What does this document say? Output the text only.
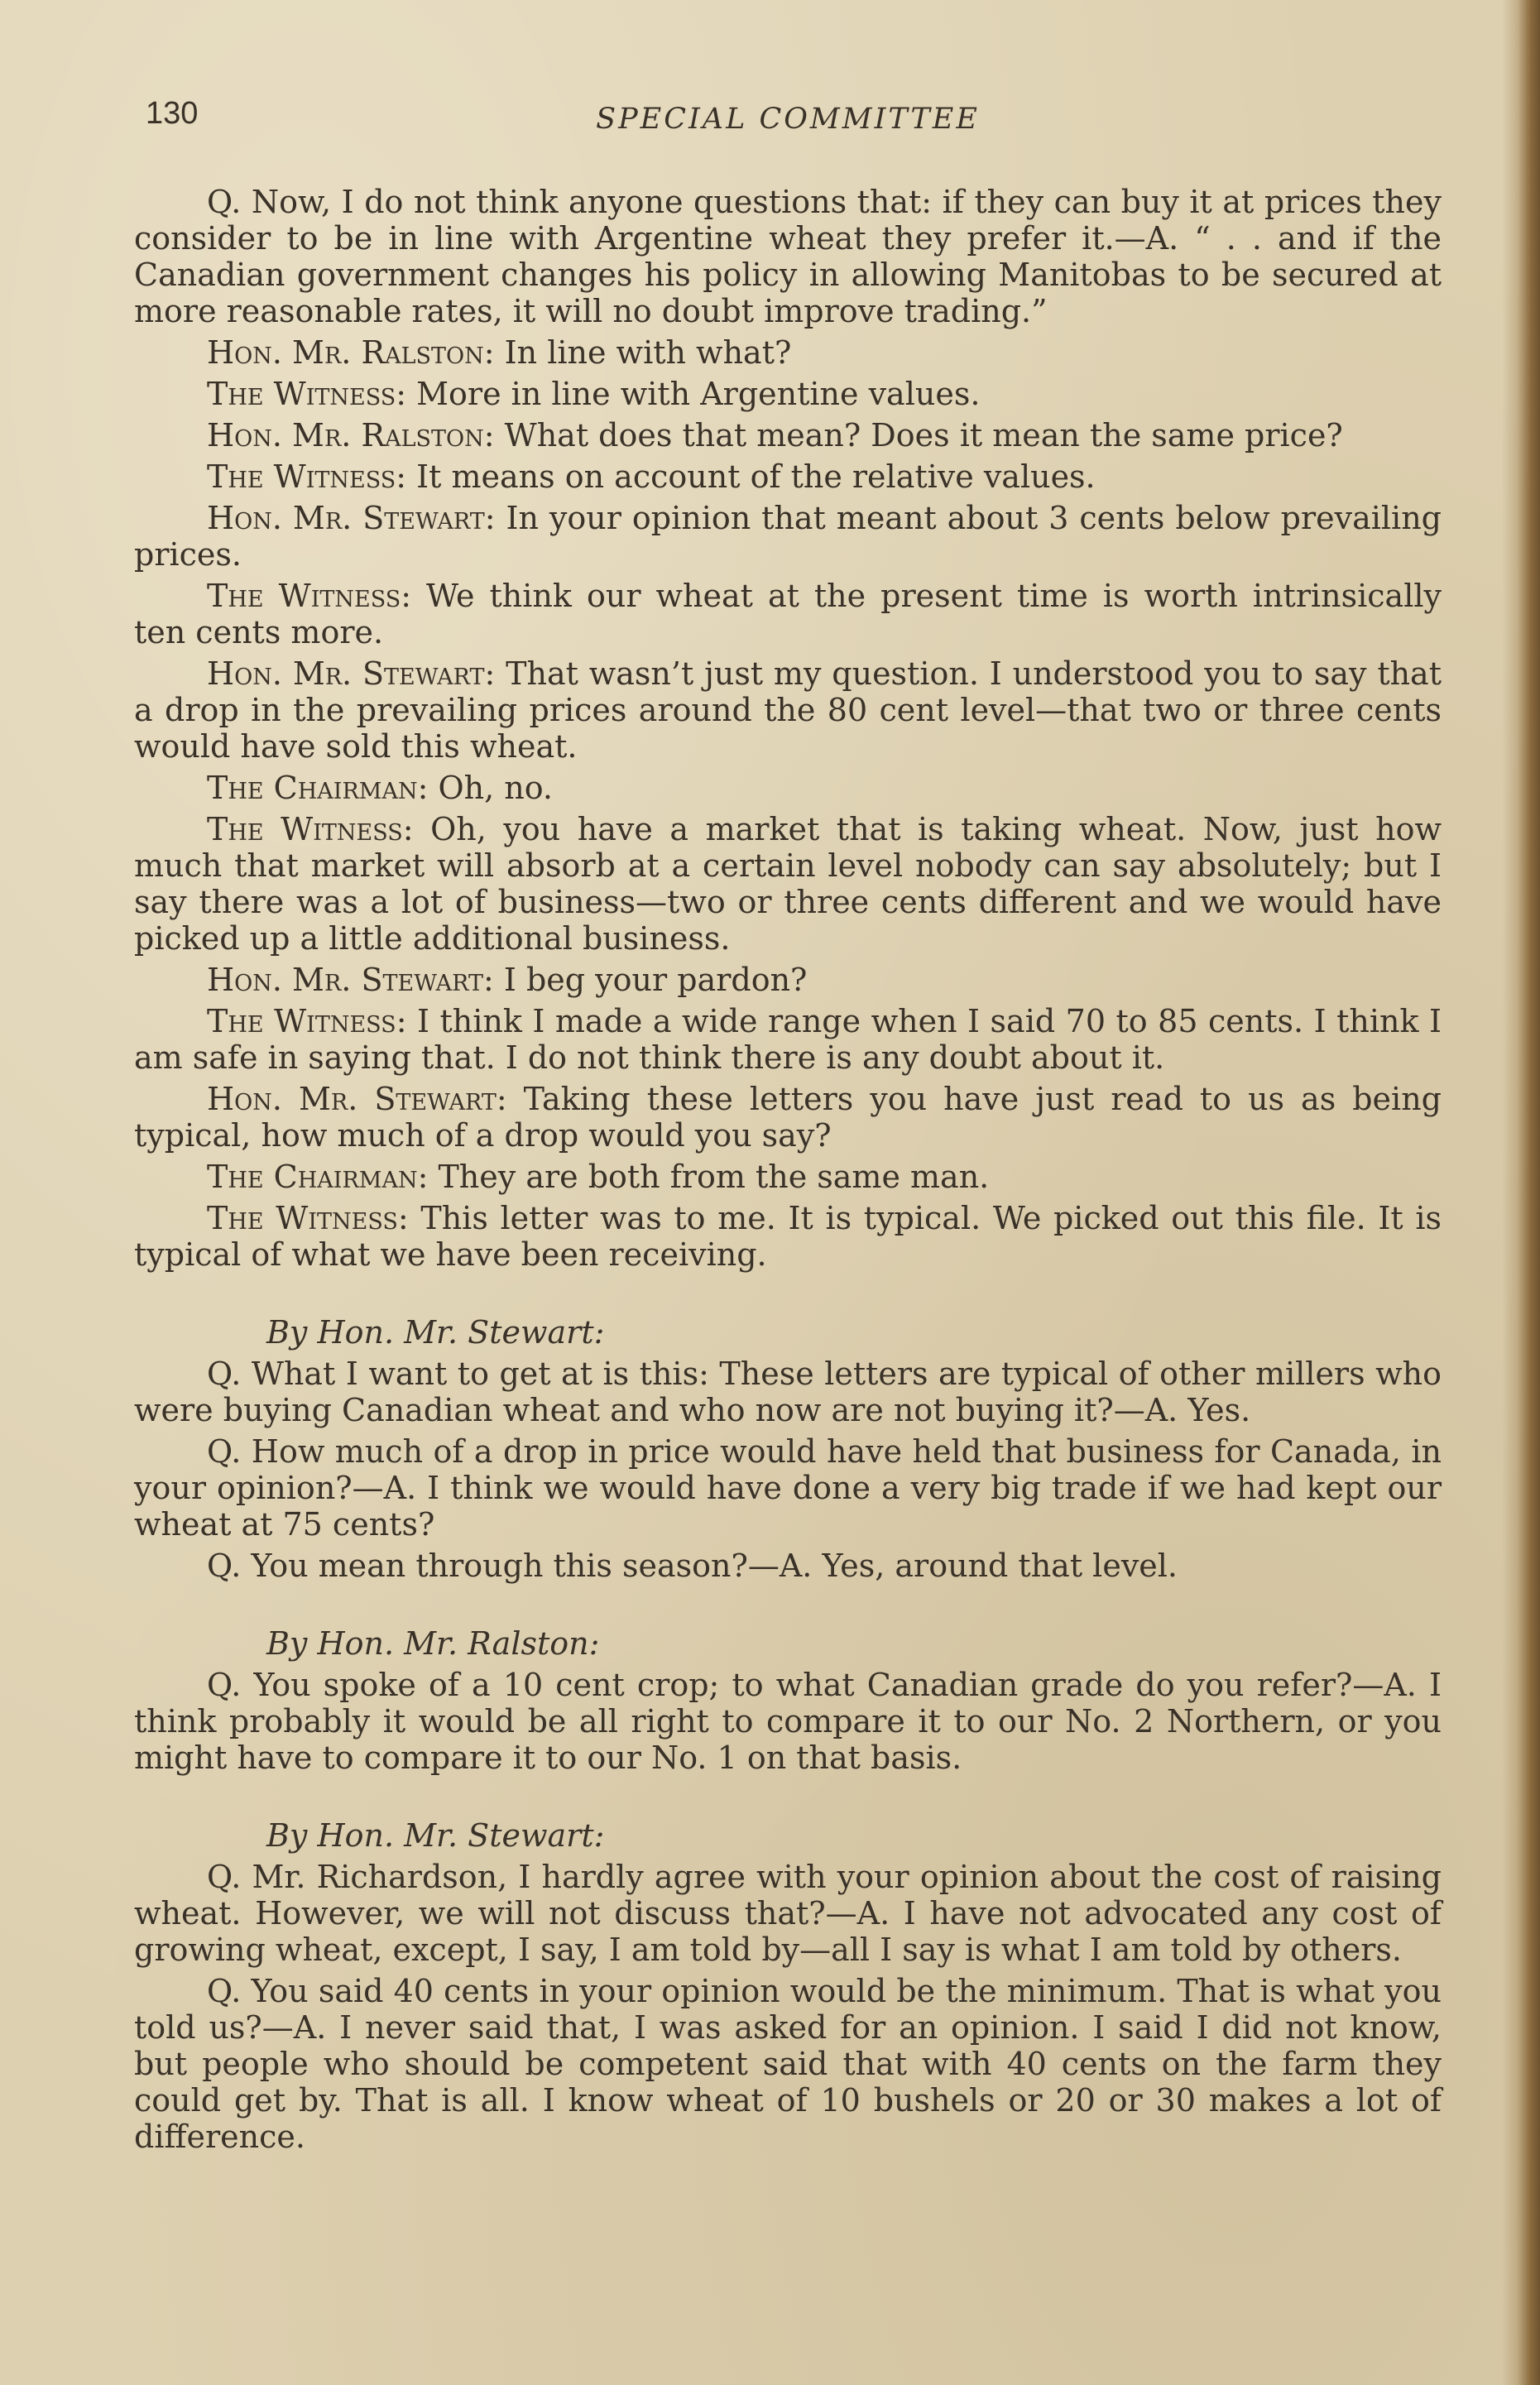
130	SPECIAL COMMITTEE

Q. Now, I do not think anyone questions that: if they can buy it at prices they consider to be in line with Argentine wheat they prefer it.—A. “ . . and if the Canadian government changes his policy in allowing Manitobas to be secured at more reasonable rates, it will no doubt improve trading.”

Hon. Mr. Ralston: In line with what?

The Witness: More in line with Argentine values.

Hon. Mr. Ralston: What does that mean? Does it mean the same price?

The Witness: It means on account of the relative values.

Hon. Mr. Stewart: In your opinion that meant about 3 cents below prevailing prices.

The Witness: We think our wheat at the present time is worth intrinsically ten cents more.

Hon. Mr. Stewart: That wasn’t just my question. I understood you to say that a drop in the prevailing prices around the 80 cent level—that two or three cents would have sold this wheat.

The Chairman: Oh, no.

The Witness: Oh, you have a market that is taking wheat. Now, just how much that market will absorb at a certain level nobody can say absolutely; but I say there was a lot of business—two or three cents different and we would have picked up a little additional business.

Hon. Mr. Stewart: I beg your pardon?

The Witness: I think I made a wide range when I said 70 to 85 cents. I think I am safe in saying that. I do not think there is any doubt about it.

Hon. Mr. Stewart: Taking these letters you have just read to us as being typical, how much of a drop would you say?

The Chairman: They are both from the same man.

The Witness: This letter was to me. It is typical. We picked out this file. It is typical of what we have been receiving.

By Hon. Mr. Stewart:

Q. What I want to get at is this: These letters are typical of other millers who were buying Canadian wheat and who now are not buying it?—A. Yes.

Q. How much of a drop in price would have held that business for Canada, in your opinion?—A. I think we would have done a very big trade if we had kept our wheat at 75 cents?

Q. You mean through this season?—A. Yes, around that level.

By Hon. Mr. Ralston:

Q. You spoke of a 10 cent crop; to what Canadian grade do you refer?—A. I think probably it would be all right to compare it to our No. 2 Northern, or you might have to compare it to our No. 1 on that basis.

By Hon. Mr. Stewart:

Q. Mr. Richardson, I hardly agree with your opinion about the cost of raising wheat. However, we will not discuss that?—A. I have not advocated any cost of growing wheat, except, I say, I am told by—all I say is what I am told by others.

Q. You said 40 cents in your opinion would be the minimum. That is what you told us?—A. I never said that, I was asked for an opinion. I said I did not know, but people who should be competent said that with 40 cents on the farm they could get by. That is all. I know wheat of 10 bushels or 20 or 30 makes a lot of difference.
